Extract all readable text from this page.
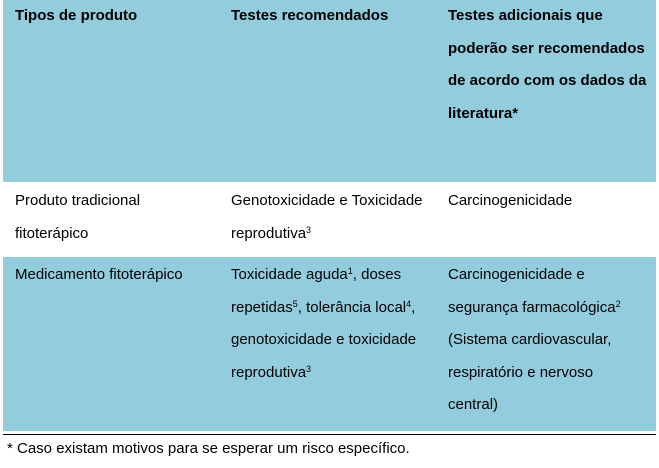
Tipos de produto	Testes recomendados	Testes adicionais que poderão ser recomendados de acordo com os dados da literatura*
Produto tradicional fitoterápico	Genotoxicidade e Toxicidade reprodutiva$^3$	Carcinogenicidade
Medicamento fitoterápico	Toxicidade aguda$^1$, doses repetidas$^5$, tolerância local$^4$, genotoxicidade e toxicidade reprodutiva$^3$	Carcinogenicidade e segurança farmacológica$^2$ (Sistema cardiovascular, respiratório e nervoso central)
* Caso existam motivos para se esperar um risco específico.
